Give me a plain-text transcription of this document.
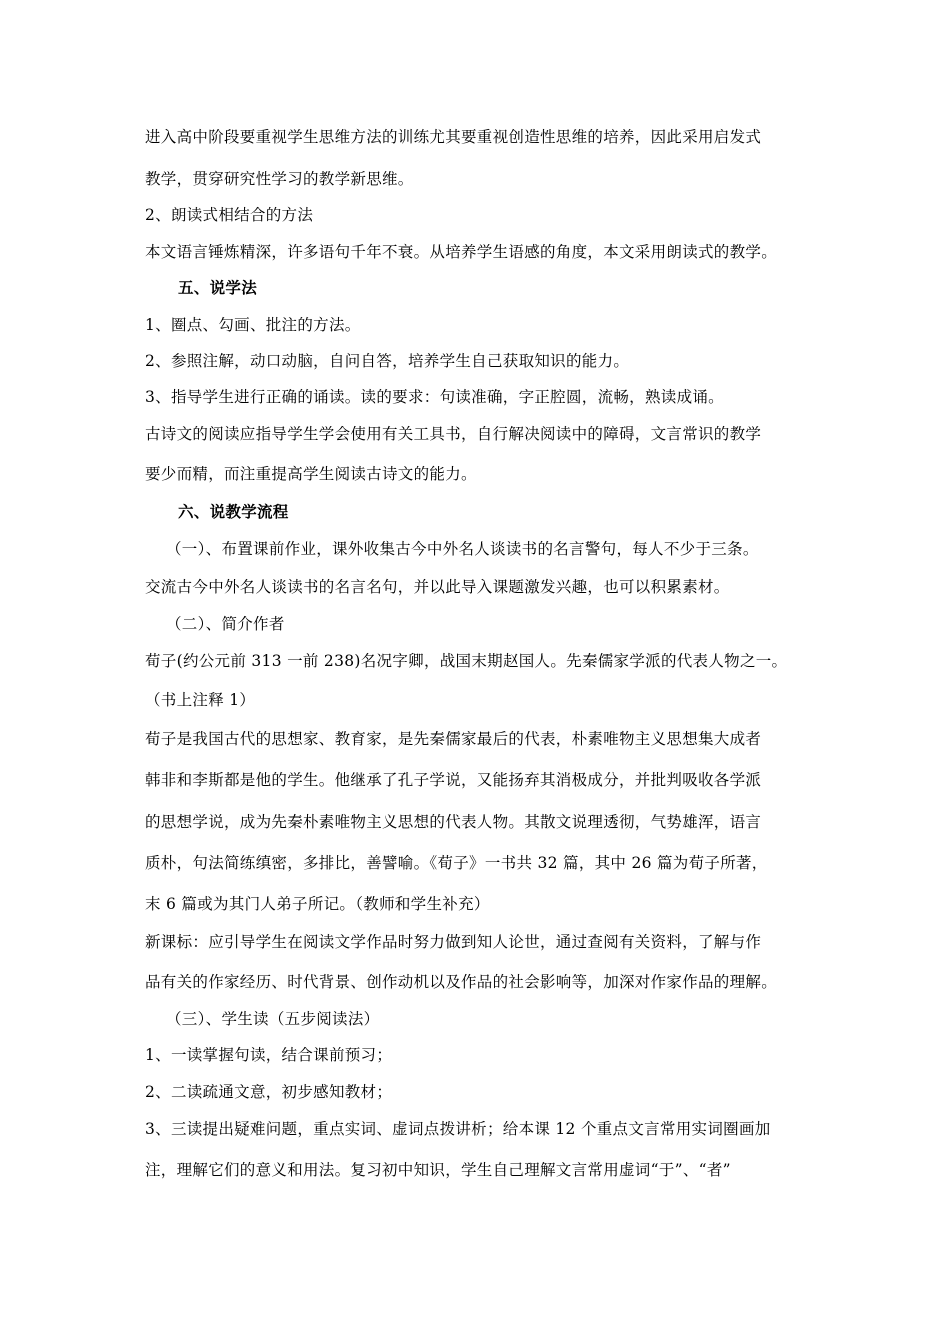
进入高中阶段要重视学生思维方法的训练尤其要重视创造性思维的培养，因此采用启发式
教学，贯穿研究性学习的教学新思维。
2、朗读式相结合的方法
本文语言锤炼精深，许多语句千年不衰。从培养学生语感的角度，本文采用朗读式的教学。
五、说学法
1、圈点、勾画、批注的方法。
2、参照注解，动口动脑，自问自答，培养学生自己获取知识的能力。
3、指导学生进行正确的诵读。读的要求：句读准确，字正腔圆，流畅，熟读成诵。
古诗文的阅读应指导学生学会使用有关工具书，自行解决阅读中的障碍，文言常识的教学
要少而精，而注重提高学生阅读古诗文的能力。
六、说教学流程
（一）、布置课前作业，课外收集古今中外名人谈读书的名言警句，每人不少于三条。
交流古今中外名人谈读书的名言名句，并以此导入课题激发兴趣，也可以积累素材。
（二）、简介作者
荀子(约公元前 313 一前 238)名况字卿，战国末期赵国人。先秦儒家学派的代表人物之一。
（书上注释 1）
荀子是我国古代的思想家、教育家，是先秦儒家最后的代表，朴素唯物主义思想集大成者
韩非和李斯都是他的学生。他继承了孔子学说，又能扬弃其消极成分，并批判吸收各学派
的思想学说，成为先秦朴素唯物主义思想的代表人物。其散文说理透彻，气势雄浑，语言
质朴，句法简练缜密，多排比，善譬喻。《荀子》一书共 32 篇，其中 26 篇为荀子所著，
末 6 篇或为其门人弟子所记。（教师和学生补充）
新课标：应引导学生在阅读文学作品时努力做到知人论世，通过查阅有关资料，了解与作
品有关的作家经历、时代背景、创作动机以及作品的社会影响等，加深对作家作品的理解。
（三）、学生读（五步阅读法）
1、一读掌握句读，结合课前预习；
2、二读疏通文意，初步感知教材；
3、三读提出疑难问题，重点实词、虚词点拨讲析；给本课 12 个重点文言常用实词圈画加
注，理解它们的意义和用法。复习初中知识，学生自己理解文言常用虚词“于”、“者”
